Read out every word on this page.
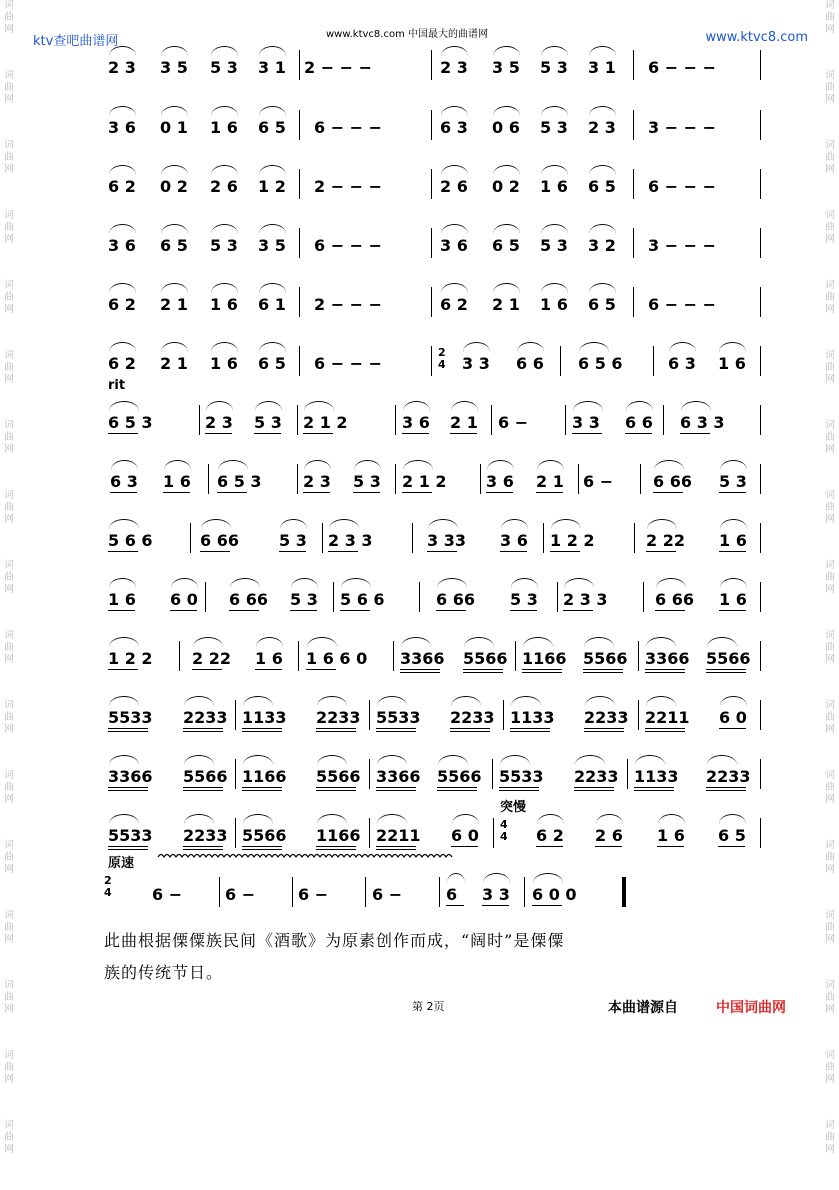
词
曲
网
词
曲
网
词
曲
网
词
曲
网
词
曲
网
词
曲
网
词
曲
网
词
曲
网
词
曲
网
词
曲
网
词
曲
网
词
曲
网
词
曲
网
词
曲
网
词
曲
网
词
曲
网
词
曲
网
词
曲
网
词
曲
网
词
曲
网
词
曲
网
词
曲
网
词
曲
网
词
曲
网
词
曲
网
词
曲
网
词
曲
网
词
曲
网
词
曲
网
词
曲
网
词
曲
网
词
曲
网
词
曲
网
词
曲
网
ktv查吧曲谱网	www.ktvc8.com 中国最大的曲谱网	www.ktvc8.com
2 3 3 5 5 3 3 1 2 − − −	2 3 3 5 5 3 3 1 6 − − −
3 6 0 1 1 6 6 5 6 − − −	6 3 0 6 5 3 2 3 3 − − −
6 2 0 2 2 6 1 2 2 − − −	2 6 0 2 1 6 6 5 6 − − −
3 6 6 5 5 3 3 5 6 − − −	3 6 6 5 5 3 3 2 3 − − −
6 2 2 1 1 6 6 1 2 − − −	6 2 2 1 1 6 6 5 6 − − −
6 2 2 1 1 6 6 5 6 − − −	3 3 6 6 6 5 6	6 3 1 6
6 5 3	2 3 5 3 2 1 2	3 6 2 1 6 −	3 3 6 6 6 3 3
6 3 1 6 6 5 3	2 3 5 3 2 1 2 3 6 2 1 6 − 6 66 5 3
5 6 6	6 66	5 3 2 3 3	3 33 3 6 1 2 2	2 22 1 6
1 6 6 0 6 66 5 3 5 6 6	6 66 5 3 2 3 3	6 66 1 6
1 2 2 2 22 1 6 1 6 6 0 3366 5566 1166 5566 3366 5566
5533 2233 1133 2233 5533 2233 1133 2233 2211 6 0
3366 5566 1166 5566 3366 5566 5533 2233 1133 2233
5533 2233 5566 1166 2211 6 0	6 2 2 6 1 6 6 5
6 −	6 −	6 −	6 −	6 3 3 6 0 0
rit
突慢
原速
2
4
4
4
2
4
此曲根据傈僳族民间《酒歌》为原素创作而成，“阔时”是傈僳
族的传统节日。
第 2页	本曲谱源自	中国词曲网
